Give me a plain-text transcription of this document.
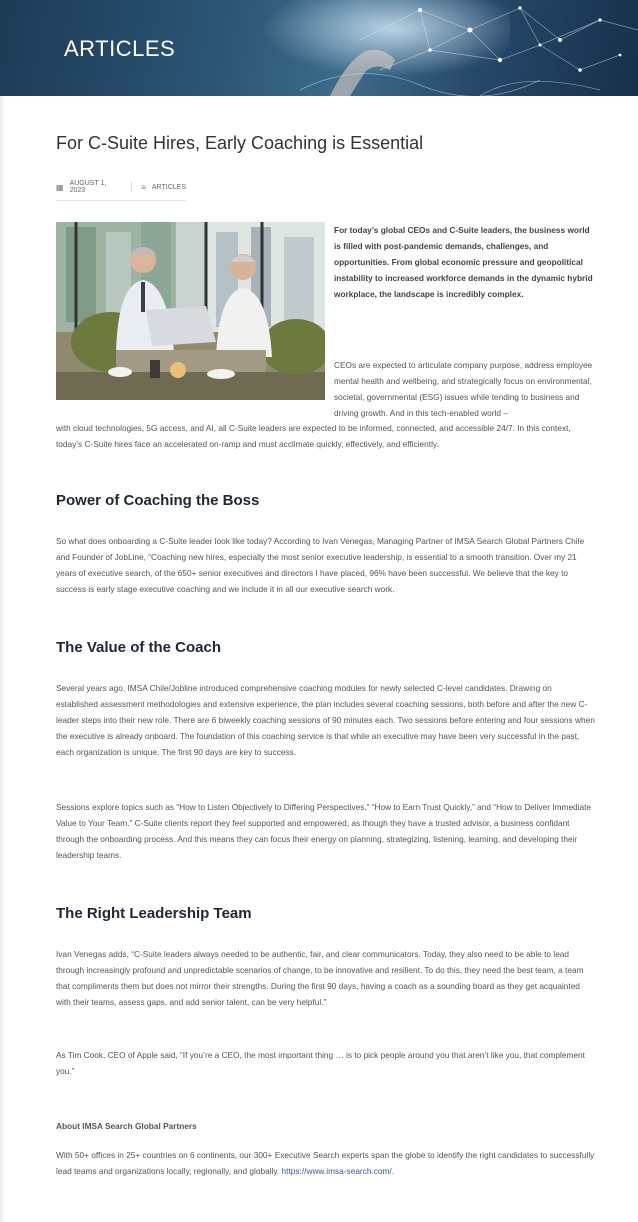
ARTICLES
For C-Suite Hires, Early Coaching is Essential
▦ AUGUST 1, 2023	≡ ARTICLES

For today’s global CEOs and C-Suite leaders, the business world is filled with post-pandemic demands, challenges, and opportunities. From global economic pressure and geopolitical instability to increased workforce demands in the dynamic hybrid workplace, the landscape is incredibly complex.

CEOs are expected to articulate company purpose, address employee mental health and wellbeing, and strategically focus on environmental, societal, governmental (ESG) issues while tending to business and driving growth. And in this tech-enabled world –

with cloud technologies, 5G access, and AI, all C-Suite leaders are expected to be informed, connected, and accessible 24/7. In this context, today’s C-Suite hires face an accelerated on-ramp and must acclimate quickly, effectively, and efficiently.

Power of Coaching the Boss

So what does onboarding a C-Suite leader look like today? According to Ivan Venegas, Managing Partner of IMSA Search Global Partners Chile and Founder of JobLine, “Coaching new hires, especially the most senior executive leadership, is essential to a smooth transition. Over my 21 years of executive search, of the 650+ senior executives and directors I have placed, 96% have been successful. We believe that the key to success is early stage executive coaching and we include it in all our executive search work.

The Value of the Coach

Several years ago, IMSA Chile/Jobline introduced comprehensive coaching modules for newly selected C-level candidates. Drawing on established assessment methodologies and extensive experience, the plan includes several coaching sessions, both before and after the new C-leader steps into their new role. There are 6 biweekly coaching sessions of 90 minutes each. Two sessions before entering and four sessions when the executive is already onboard. The foundation of this coaching service is that while an executive may have been very successful in the past, each organization is unique. The first 90 days are key to success.

Sessions explore topics such as “How to Listen Objectively to Differing Perspectives,” “How to Earn Trust Quickly,” and “How to Deliver Immediate Value to Your Team.” C-Suite clients report they feel supported and empowered, as though they have a trusted advisor, a business confidant through the onboarding process. And this means they can focus their energy on planning, strategizing, listening, learning, and developing their leadership teams.

The Right Leadership Team

Ivan Venegas adds, “C-Suite leaders always needed to be authentic, fair, and clear communicators. Today, they also need to be able to lead through increasingly profound and unpredictable scenarios of change, to be innovative and resilient. To do this, they need the best team, a team that compliments them but does not mirror their strengths. During the first 90 days, having a coach as a sounding board as they get acquainted with their teams, assess gaps, and add senior talent, can be very helpful.”

As Tim Cook, CEO of Apple said, “If you’re a CEO, the most important thing … is to pick people around you that aren’t like you, that complement you.”

About IMSA Search Global Partners

With 50+ offices in 25+ countries on 6 continents, our 300+ Executive Search experts span the globe to identify the right candidates to successfully lead teams and organizations locally, regionally, and globally. https://www.imsa-search.com/.
